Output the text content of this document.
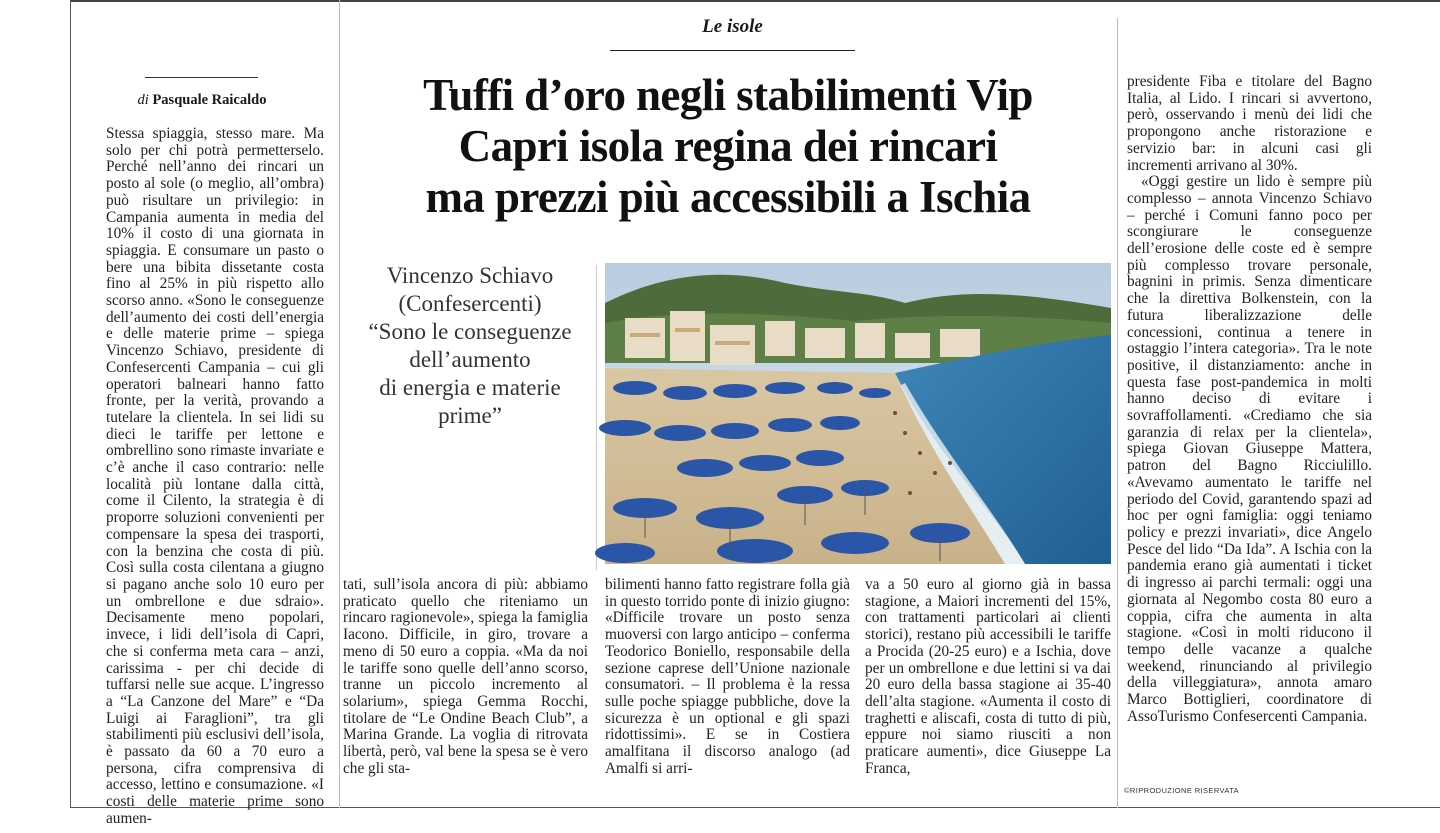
Le isole
Tuffi d’oro negli stabilimenti Vip
Capri isola regina dei rincari
ma prezzi più accessibili a Ischia
di Pasquale Raicaldo

Stessa spiaggia, stesso mare. Ma solo per chi potrà permetterselo. Perché nell’anno dei rincari un posto al sole (o meglio, all’ombra) può risultare un privilegio: in Campania aumenta in media del 10% il costo di una giornata in spiaggia. E consumare un pasto o bere una bibita dissetante costa fino al 25% in più rispetto allo scorso anno. «Sono le conseguenze dell’aumento dei costi dell’energia e delle materie prime – spiega Vincenzo Schiavo, presidente di Confesercenti Campania – cui gli operatori balneari hanno fatto fronte, per la verità, provando a tutelare la clientela. In sei lidi su dieci le tariffe per lettone e ombrellino sono rimaste invariate e c’è anche il caso contrario: nelle località più lontane dalla città, come il Cilento, la strategia è di proporre soluzioni convenienti per compensare la spesa dei trasporti, con la benzina che costa di più. Così sulla costa cilentana a giugno si pagano anche solo 10 euro per un ombrellone e due sdraio». Decisamente meno popolari, invece, i lidi dell’isola di Capri, che si conferma meta cara – anzi, carissima - per chi decide di tuffarsi nelle sue acque. L’ingresso a “La Canzone del Mare” e “Da Luigi ai Faraglioni”, tra gli stabilimenti più esclusivi dell’isola, è passato da 60 a 70 euro a persona, cifra comprensiva di accesso, lettino e consumazione. «I costi delle materie prime sono aumen-

Vincenzo Schiavo
(Confesercenti)
“Sono le conseguenze
dell’aumento
di energia e materie
prime”

tati, sull’isola ancora di più: abbiamo praticato quello che riteniamo un rincaro ragionevole», spiega la famiglia Iacono. Difficile, in giro, trovare a meno di 50 euro a coppia. «Ma da noi le tariffe sono quelle dell’anno scorso, tranne un piccolo incremento al solarium», spiega Gemma Rocchi, titolare de “Le Ondine Beach Club”, a Marina Grande. La voglia di ritrovata libertà, però, val bene la spesa se è vero che gli sta-

bilimenti hanno fatto registrare folla già in questo torrido ponte di inizio giugno: «Difficile trovare un posto senza muoversi con largo anticipo – conferma Teodorico Boniello, responsabile della sezione caprese dell’Unione nazionale consumatori. – Il problema è la ressa sulle poche spiagge pubbliche, dove la sicurezza è un optional e gli spazi ridottissimi». E se in Costiera amalfitana il discorso analogo (ad Amalfi si arri-

va a 50 euro al giorno già in bassa stagione, a Maiori incrementi del 15%, con trattamenti particolari ai clienti storici), restano più accessibili le tariffe a Procida (20-25 euro) e a Ischia, dove per un ombrellone e due lettini si va dai 20 euro della bassa stagione ai 35-40 dell’alta stagione. «Aumenta il costo di traghetti e aliscafi, costa di tutto di più, eppure noi siamo riusciti a non praticare aumenti», dice Giuseppe La Franca,

presidente Fiba e titolare del Bagno Italia, al Lido. I rincari si avvertono, però, osservando i menù dei lidi che propongono anche ristorazione e servizio bar: in alcuni casi gli incrementi arrivano al 30%.

«Oggi gestire un lido è sempre più complesso – annota Vincenzo Schiavo – perché i Comuni fanno poco per scongiurare le conseguenze dell’erosione delle coste ed è sempre più complesso trovare personale, bagnini in primis. Senza dimenticare che la direttiva Bolkenstein, con la futura liberalizzazione delle concessioni, continua a tenere in ostaggio l’intera categoria». Tra le note positive, il distanziamento: anche in questa fase post-pandemica in molti hanno deciso di evitare i sovraffollamenti. «Crediamo che sia garanzia di relax per la clientela», spiega Giovan Giuseppe Mattera, patron del Bagno Ricciulillo. «Avevamo aumentato le tariffe nel periodo del Covid, garantendo spazi ad hoc per ogni famiglia: oggi teniamo policy e prezzi invariati», dice Angelo Pesce del lido “Da Ida”. A Ischia con la pandemia erano già aumentati i ticket di ingresso ai parchi termali: oggi una giornata al Negombo costa 80 euro a coppia, cifra che aumenta in alta stagione. «Così in molti riducono il tempo delle vacanze a qualche weekend, rinunciando al privilegio della villeggiatura», annota amaro Marco Bottiglieri, coordinatore di AssoTurismo Confesercenti Campania.

©RIPRODUZIONE RISERVATA
